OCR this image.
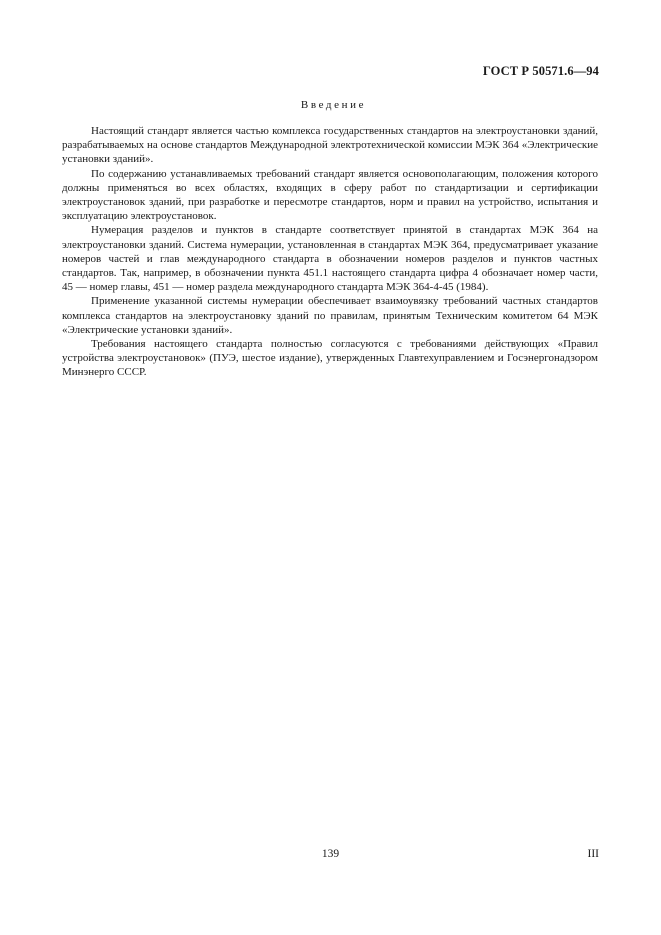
ГОСТ Р 50571.6—94
Введение

Настоящий стандарт является частью комплекса государственных стандартов на электроустановки зданий, разрабатываемых на основе стандартов Международной электротехнической комиссии МЭК 364 «Электрические установки зданий».

По содержанию устанавливаемых требований стандарт является основополагающим, положения которого должны применяться во всех областях, входящих в сферу работ по стандартизации и сертификации электроустановок зданий, при разработке и пересмотре стандартов, норм и правил на устройство, испытания и эксплуатацию электроустановок.

Нумерация разделов и пунктов в стандарте соответствует принятой в стандартах МЭК 364 на электроустановки зданий. Система нумерации, установленная в стандартах МЭК 364, предусматривает указание номеров частей и глав международного стандарта в обозначении номеров разделов и пунктов частных стандартов. Так, например, в обозначении пункта 451.1 настоящего стандарта цифра 4 обозначает номер части, 45 — номер главы, 451 — номер раздела международного стандарта МЭК 364-4-45 (1984).

Применение указанной системы нумерации обеспечивает взаимоувязку требований частных стандартов комплекса стандартов на электроустановку зданий по правилам, принятым Техническим комитетом 64 МЭК «Электрические установки зданий».

Требования настоящего стандарта полностью согласуются с требованиями действующих «Правил устройства электроустановок» (ПУЭ, шестое издание), утвержденных Главтехуправлением и Госэнергонадзором Минэнерго СССР.

139	III
